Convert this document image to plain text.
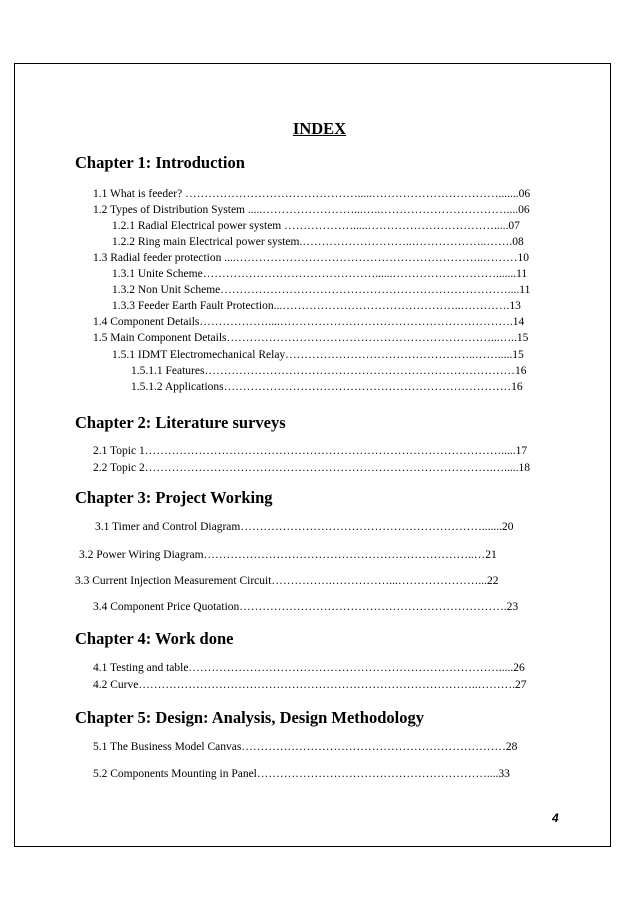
INDEX
Chapter 1: Introduction
1.1 What is feeder? ……………………………………….....…………………………….......06
1.2 Types of Distribution System .....……………………...…..……………………………....06
1.2.1 Radial Electrical power system ……………….....…………………………….....07
1.2.2 Ring main Electrical power system.………………………..………………..…….08
1.3 Radial feeder protection ....………………………………………………………..………10
1.3.1 Unite Scheme………………………………………......……………………….......11
1.3.2 Non Unit Scheme…………………………………………………………………....11
1.3.3 Feeder Earth Fault Protection...………………………………………..………….13
1.4 Component Details………………....…………………………………………………….14
1.5 Main Component Details……………………………………………………………...…..15
1.5.1 IDMT Electromechanical Relay…………………………………………..…….....15
1.5.1.1 Features………………………………………………………………………16
1.5.1.2 Applications…………………………………………………………………16
Chapter 2: Literature surveys
2.1 Topic 1………………………………………………………………………………….....17
2.2 Topic 2……………………………………………………………………………….….....18
Chapter 3: Project Working
3.1 Timer and Control Diagram……………………………………………………….......20
3.2 Power Wiring Diagram……………………………………………………………..…21
3.3 Current Injection Measurement Circuit…………….……………...…………………...22
3.4 Component Price Quotation…………………………………………………………….23
Chapter 4: Work done
4.1 Testing and table……………………………………………………………………….....26
4.2 Curve……………………………………………………………………………..……….27
Chapter 5: Design: Analysis, Design Methodology
5.1 The Business Model Canvas……………………………………………………………28
5.2 Components Mounting in Panel……………………………………………………....33
4
